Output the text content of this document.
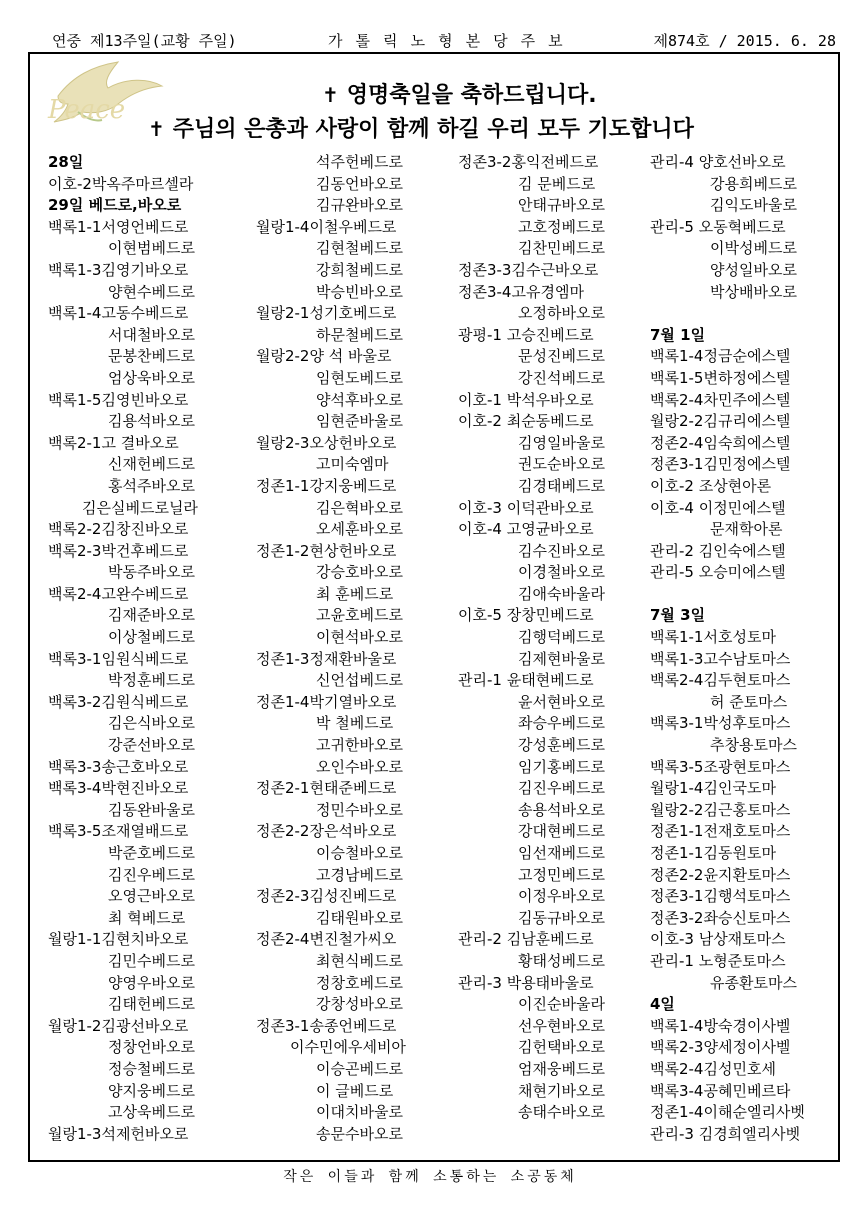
연중 제13주일(교황 주일)	가 톨 릭 노 형 본 당 주 보	제874호 / 2015. 6. 28
Peace	✝ 영명축일을 축하드립니다.
✝ 주님의 은총과 사랑이 함께 하길 우리 모두 기도합니다
28일
이호-2박옥주마르셀라
29일 베드로,바오로
백록1-1서영언베드로
이현범베드로
백록1-3김영기바오로
양현수베드로
백록1-4고동수베드로
서대철바오로
문봉찬베드로
엄상욱바오로
백록1-5김영빈바오로
김용석바오로
백록2-1고 결바오로
신재헌베드로
홍석주바오로
김은실베드로닐라
백록2-2김창진바오로
백록2-3박건후베드로
박동주바오로
백록2-4고완수베드로
김재준바오로
이상철베드로
백록3-1임원식베드로
박정훈베드로
백록3-2김원식베드로
김은식바오로
강준선바오로
백록3-3송근호바오로
백록3-4박현진바오로
김동완바울로
백록3-5조재열배드로
박준호베드로
김진우베드로
오영근바오로
최 혁베드로
월랑1-1김현치바오로
김민수베드로
양영우바오로
김태헌베드로
월랑1-2김광선바오로
정창언바오로
정승철베드로
양지웅베드로
고상욱베드로
월랑1-3석제헌바오로
석주헌베드로
김동언바오로
김규완바오로
월랑1-4이철우베드로
김현철베드로
강희철베드로
박승빈바오로
월랑2-1성기호베드로
하문철베드로
월랑2-2양 석 바울로
임현도베드로
양석후바오로
임현준바울로
월랑2-3오상헌바오로
고미숙엠마
정존1-1강지웅베드로
김은혁바오로
오세훈바오로
정존1-2현상헌바오로
강승호바오로
최 훈베드로
고윤호베드로
이현석바오로
정존1-3정재환바울로
신언섭베드로
정존1-4박기열바오로
박 철베드로
고귀한바오로
오인수바오로
정존2-1현태준베드로
정민수바오로
정존2-2장은석바오로
이승철바오로
고경남베드로
정존2-3김성진베드로
김태원바오로
정존2-4변진철가씨오
최현식베드로
정창호베드로
강창성바오로
정존3-1송종언베드로
이수민에우세비아
이승곤베드로
이 글베드로
이대치바울로
송문수바오로
정존3-2홍익전베드로
김 문베드로
안태규바오로
고호정베드로
김찬민베드로
정존3-3김수근바오로
정존3-4고유경엠마
오정하바오로
광평-1 고승진베드로
문성진베드로
강진석베드로
이호-1 박석우바오로
이호-2 최순동베드로
김영일바울로
권도순바오로
김경태베드로
이호-3 이덕관바오로
이호-4 고영균바오로
김수진바오로
이경철바오로
김애숙바울라
이호-5 장창민베드로
김행덕베드로
김제현바울로
관리-1 윤태현베드로
윤서현바오로
좌승우베드로
강성훈베드로
임기홍베드로
김진우베드로
송용석바오로
강대현베드로
임선재베드로
고정민베드로
이정우바오로
김동규바오로
관리-2 김남훈베드로
황태성베드로
관리-3 박용태바울로
이진순바울라
선우현바오로
김헌택바오로
엄재웅베드로
채현기바오로
송태수바오로
관리-4 양호선바오로
강용희베드로
김익도바울로
관리-5 오동혁베드로
이박성베드로
양성일바오로
박상배바오로
7월 1일
백록1-4정금순에스텔
백록1-5변하정에스텔
백록2-4차민주에스텔
월랑2-2김규리에스텔
정존2-4임숙희에스텔
정존3-1김민정에스텔
이호-2 조상현아론
이호-4 이정민에스텔
문재학아론
관리-2 김인숙에스텔
관리-5 오승미에스텔
7월 3일
백록1-1서호성토마
백록1-3고수남토마스
백록2-4김두현토마스
허 준토마스
백록3-1박성후토마스
추창용토마스
백록3-5조광현토마스
월랑1-4김인국도마
월랑2-2김근홍토마스
정존1-1전재호토마스
정존1-1김동원토마
정존2-2윤지환토마스
정존3-1김행석토마스
정존3-2좌승신토마스
이호-3 남상재토마스
관리-1 노형준토마스
유종환토마스
4일
백록1-4방숙경이사벨
백록2-3양세정이사벨
백록2-4김성민호세
백록3-4공혜민베르타
정존1-4이해순엘리사벳
관리-3 김경희엘리사벳
작은 이들과 함께 소통하는 소공동체
